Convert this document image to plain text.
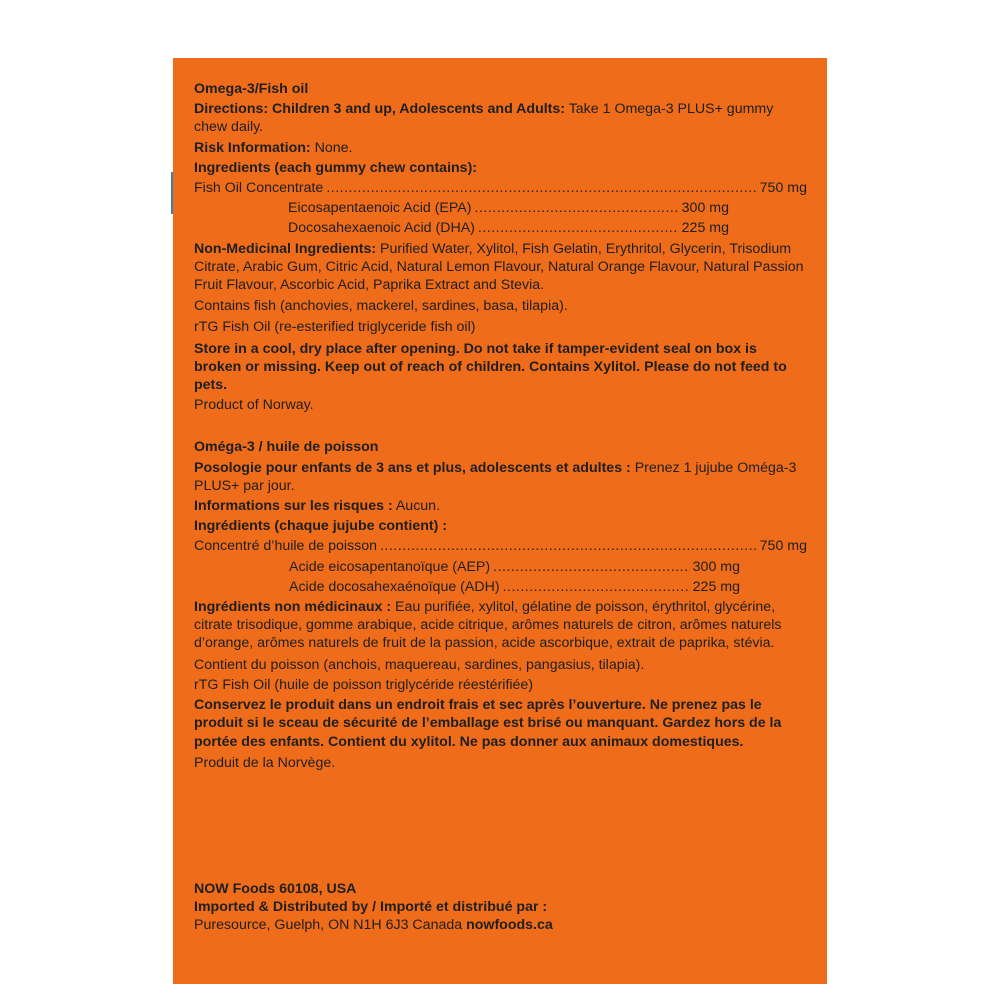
Omega-3/Fish oil

Directions: Children 3 and up, Adolescents and Adults: Take 1 Omega-3 PLUS+ gummy chew daily.

Risk Information: None.

Ingredients (each gummy chew contains):

Fish Oil Concentrate .....	750 mg
Eicosapentaenoic Acid (EPA) .....	300 mg
Docosahexaenoic Acid (DHA) .....	225 mg

Non-Medicinal Ingredients: Purified Water, Xylitol, Fish Gelatin, Erythritol, Glycerin, Trisodium Citrate, Arabic Gum, Citric Acid, Natural Lemon Flavour, Natural Orange Flavour, Natural Passion Fruit Flavour, Ascorbic Acid, Paprika Extract and Stevia.

Contains fish (anchovies, mackerel, sardines, basa, tilapia).

rTG Fish Oil (re-esterified triglyceride fish oil)

Store in a cool, dry place after opening. Do not take if tamper-evident seal on box is broken or missing. Keep out of reach of children. Contains Xylitol. Please do not feed to pets.

Product of Norway.

Oméga-3 / huile de poisson

Posologie pour enfants de 3 ans et plus, adolescents et adultes : Prenez 1 jujube Oméga-3 PLUS+ par jour.

Informations sur les risques : Aucun.

Ingrédients (chaque jujube contient) :

Concentré d’huile de poisson .....	750 mg
Acide eicosapentanoïque (AEP) .....	300 mg
Acide docosahexaénoïque (ADH) .....	225 mg

Ingrédients non médicinaux : Eau purifiée, xylitol, gélatine de poisson, érythritol, glycérine, citrate trisodique, gomme arabique, acide citrique, arômes naturels de citron, arômes naturels d’orange, arômes naturels de fruit de la passion, acide ascorbique, extrait de paprika, stévia.

Contient du poisson (anchois, maquereau, sardines, pangasius, tilapia).

rTG Fish Oil (huile de poisson triglycéride réestérifiée)

Conservez le produit dans un endroit frais et sec après l’ouverture. Ne prenez pas le produit si le sceau de sécurité de l’emballage est brisé ou manquant. Gardez hors de la portée des enfants. Contient du xylitol. Ne pas donner aux animaux domestiques.

Produit de la Norvège.

NOW Foods 60108, USA

Imported & Distributed by / Importé et distribué par :

Puresource, Guelph, ON N1H 6J3 Canada nowfoods.ca
